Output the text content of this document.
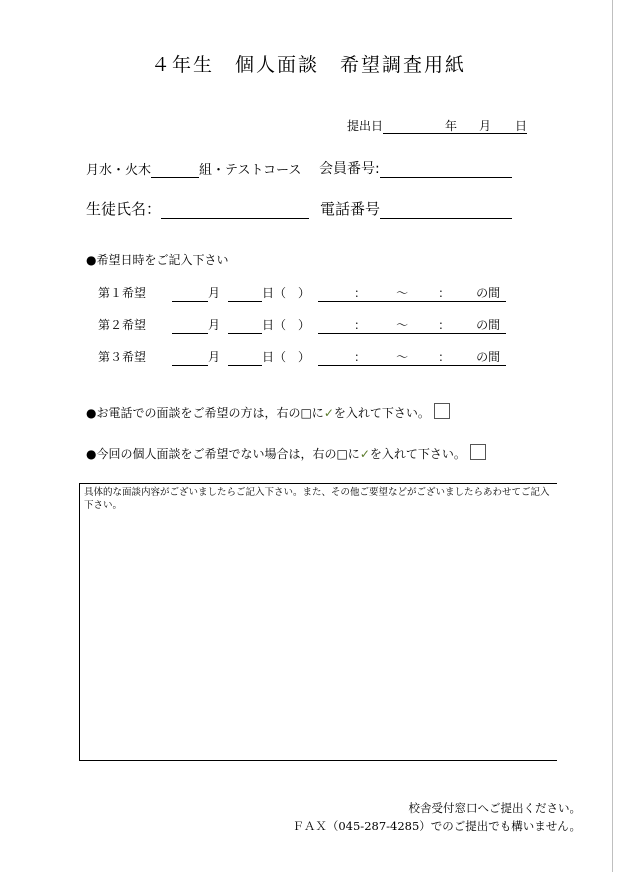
４年生　個人面談　希望調査用紙
提出日	年 月 日
月水・火木	組・テストコース 会員番号:
生徒氏名：	電話番号
●希望日時をご記入下さい
第１希望	月	日（　）	：	～	： の間
第２希望	月	日（　）	：	～	： の間
第３希望	月	日（　）	：	～	： の間
●お電話での面談をご希望の方は，右の□に✓を入れて下さい。
●今回の個人面談をご希望でない場合は，右の□に✓を入れて下さい。
具体的な面談内容がございましたらご記入下さい。また、その他ご要望などがございましたらあわせてご記入下さい。
校舎受付窓口へご提出ください。
ＦＡＸ（045-287-4285）でのご提出でも構いません。
